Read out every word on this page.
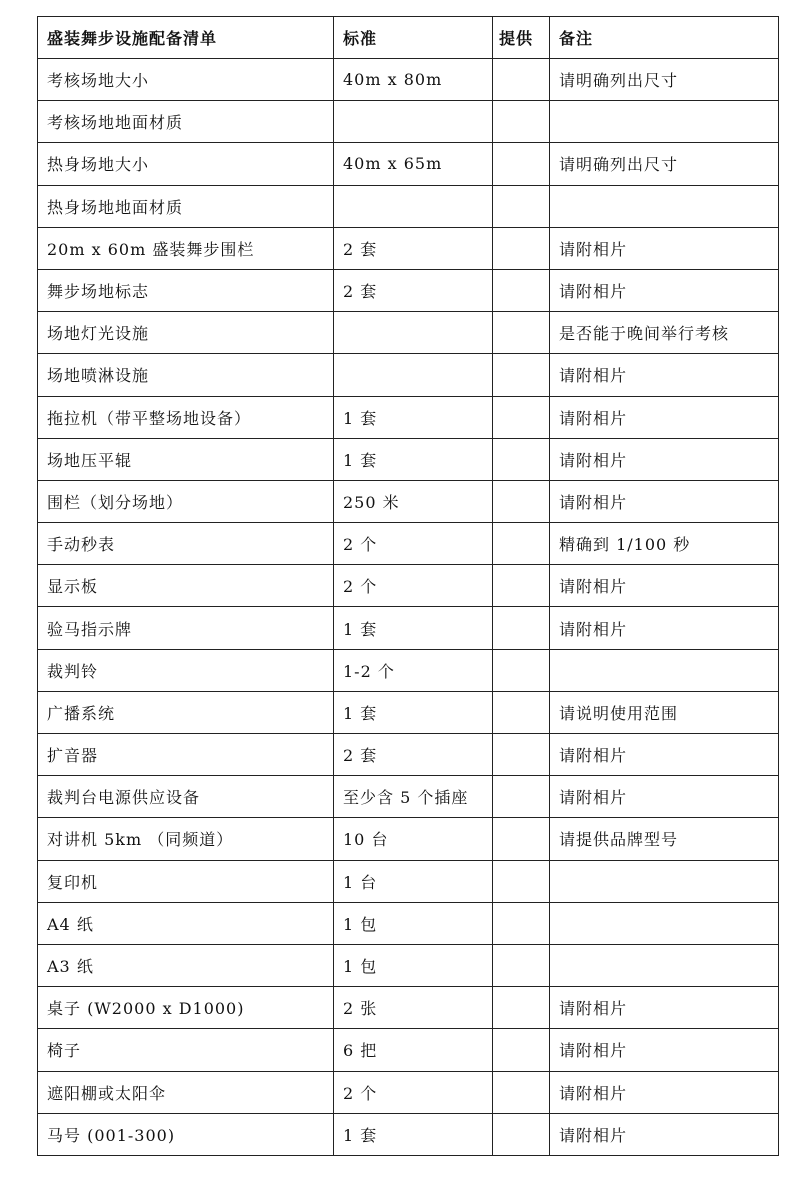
盛装舞步设施配备清单	标准	提供	备注
考核场地大小	40m x 80m		请明确列出尺寸
考核场地地面材质			
热身场地大小	40m x 65m		请明确列出尺寸
热身场地地面材质			
20m x 60m 盛装舞步围栏	2 套		请附相片
舞步场地标志	2 套		请附相片
场地灯光设施			是否能于晚间举行考核
场地喷淋设施			请附相片
拖拉机（带平整场地设备）	1 套		请附相片
场地压平辊	1 套		请附相片
围栏（划分场地）	250 米		请附相片
手动秒表	2 个		精确到 1/100 秒
显示板	2 个		请附相片
验马指示牌	1 套		请附相片
裁判铃	1-2 个		
广播系统	1 套		请说明使用范围
扩音器	2 套		请附相片
裁判台电源供应设备	至少含 5 个插座		请附相片
对讲机 5km （同频道）	10 台		请提供品牌型号
复印机	1 台		
A4 纸	1 包		
A3 纸	1 包		
桌子 (W2000 x D1000)	2 张		请附相片
椅子	6 把		请附相片
遮阳棚或太阳伞	2 个		请附相片
马号 (001-300)	1 套		请附相片
